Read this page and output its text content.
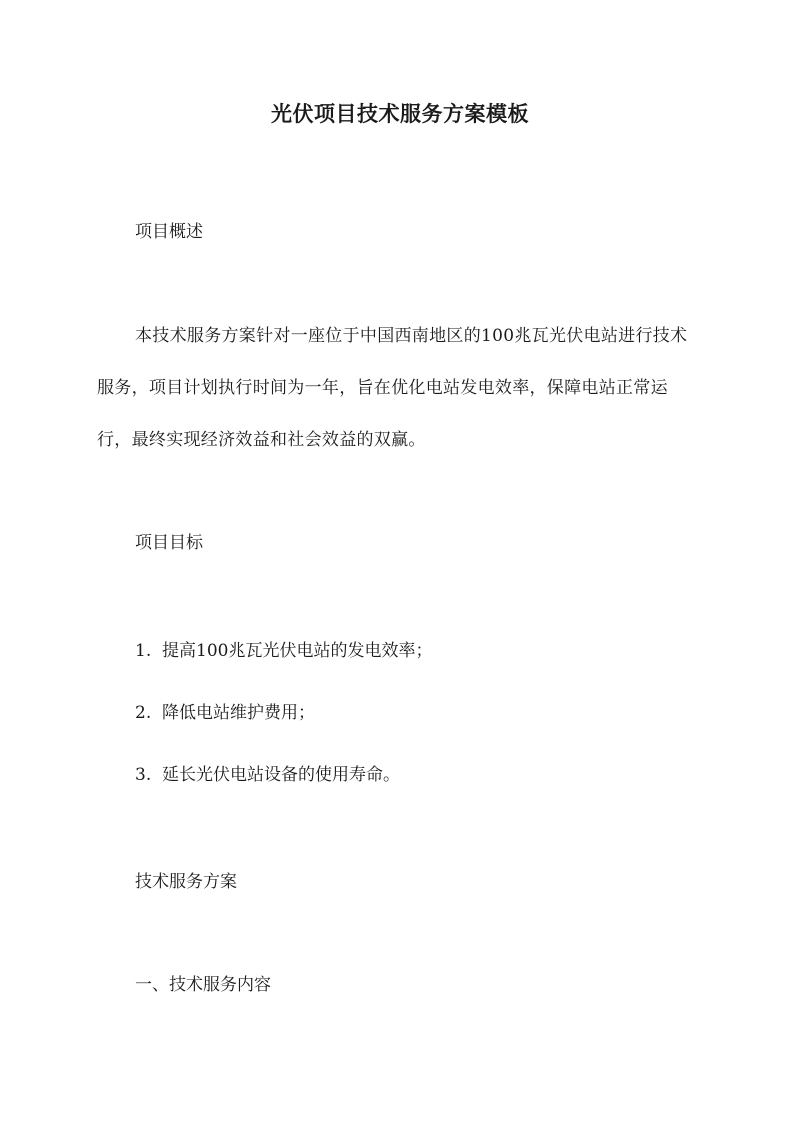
光伏项目技术服务方案模板
项目概述
本技术服务方案针对一座位于中国西南地区的100兆瓦光伏电站进行技术服务，项目计划执行时间为一年，旨在优化电站发电效率，保障电站正常运行，最终实现经济效益和社会效益的双赢。
项目目标
1. 提高100兆瓦光伏电站的发电效率；
2. 降低电站维护费用；
3. 延长光伏电站设备的使用寿命。
技术服务方案
一、技术服务内容
